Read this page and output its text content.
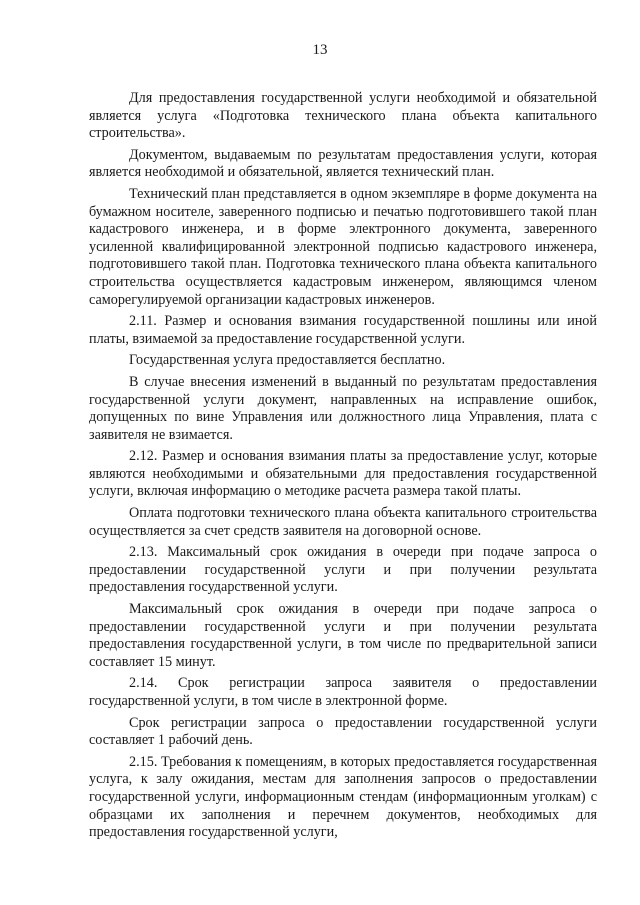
13

Для предоставления государственной услуги необходимой и обязательной является услуга «Подготовка технического плана объекта капитального строительства».

Документом, выдаваемым по результатам предоставления услуги, которая является необходимой и обязательной, является технический план.

Технический план представляется в одном экземпляре в форме документа на бумажном носителе, заверенного подписью и печатью подготовившего такой план кадастрового инженера, и в форме электронного документа, заверенного усиленной квалифицированной электронной подписью кадастрового инженера, подготовившего такой план. Подготовка технического плана объекта капитального строительства осуществляется кадастровым инженером, являющимся членом саморегулируемой организации кадастровых инженеров.

2.11. Размер и основания взимания государственной пошлины или иной платы, взимаемой за предоставление государственной услуги.

Государственная услуга предоставляется бесплатно.

В случае внесения изменений в выданный по результатам предоставления государственной услуги документ, направленных на исправление ошибок, допущенных по вине Управления или должностного лица Управления, плата с заявителя не взимается.

2.12. Размер и основания взимания платы за предоставление услуг, которые являются необходимыми и обязательными для предоставления государственной услуги, включая информацию о методике расчета размера такой платы.

Оплата подготовки технического плана объекта капитального строительства осуществляется за счет средств заявителя на договорной основе.

2.13. Максимальный срок ожидания в очереди при подаче запроса о предоставлении государственной услуги и при получении результата предоставления государственной услуги.

Максимальный срок ожидания в очереди при подаче запроса о предоставлении государственной услуги и при получении результата предоставления государственной услуги, в том числе по предварительной записи составляет 15 минут.

2.14. Срок регистрации запроса заявителя о предоставлении государственной услуги, в том числе в электронной форме.

Срок регистрации запроса о предоставлении государственной услуги составляет 1 рабочий день.

2.15. Требования к помещениям, в которых предоставляется государственная услуга, к залу ожидания, местам для заполнения запросов о предоставлении государственной услуги, информационным стендам (информационным уголкам) с образцами их заполнения и перечнем документов, необходимых для предоставления государственной услуги,
